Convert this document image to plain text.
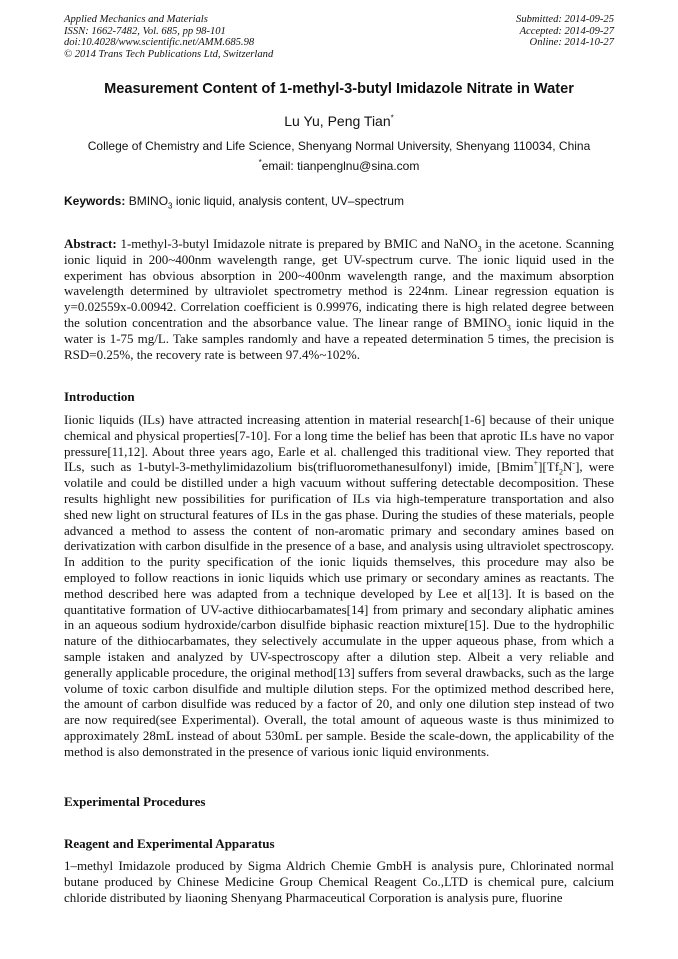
Applied Mechanics and Materials
ISSN: 1662-7482, Vol. 685, pp 98-101
doi:10.4028/www.scientific.net/AMM.685.98
© 2014 Trans Tech Publications Ltd, Switzerland
Submitted: 2014-09-25
Accepted: 2014-09-27
Online: 2014-10-27
Measurement Content of 1-methyl-3-butyl Imidazole Nitrate in Water
Lu Yu, Peng Tian*
College of Chemistry and Life Science, Shenyang Normal University, Shenyang 110034, China
*email: tianpenglnu@sina.com
Keywords: $BMINO_3$ ionic liquid, analysis content, UV–spectrum
Abstract: 1-methyl-3-butyl Imidazole nitrate is prepared by BMIC and NaNO$_3$ in the acetone. Scanning ionic liquid in 200~400nm wavelength range, get UV-spectrum curve. The ionic liquid used in the experiment has obvious absorption in 200~400nm wavelength range, and the maximum absorption wavelength determined by ultraviolet spectrometry method is 224nm. Linear regression equation is y=0.02559x-0.00942. Correlation coefficient is 0.99976, indicating there is high related degree between the solution concentration and the absorbance value. The linear range of $BMINO_3$ ionic liquid in the water is 1-75 mg/L. Take samples randomly and have a repeated determination 5 times, the precision is RSD=0.25%, the recovery rate is between 97.4%~102%.
Introduction
Iionic liquids (ILs) have attracted increasing attention in material research[1-6] because of their unique chemical and physical properties[7-10]. For a long time the belief has been that aprotic ILs have no vapor pressure[11,12]. About three years ago, Earle et al. challenged this traditional view. They reported that ILs, such as 1-butyl-3-methylimidazolium bis(trifluoromethanesulfonyl) imide, $[Bmim^+][Tf_2N^-]$, were volatile and could be distilled under a high vacuum without suffering detectable decomposition. These results highlight new possibilities for purification of ILs via high-temperature transportation and also shed new light on structural features of ILs in the gas phase. During the studies of these materials, people advanced a method to assess the content of non-aromatic primary and secondary amines based on derivatization with carbon disulfide in the presence of a base, and analysis using ultraviolet spectroscopy. In addition to the purity specification of the ionic liquids themselves, this procedure may also be employed to follow reactions in ionic liquids which use primary or secondary amines as reactants. The method described here was adapted from a technique developed by Lee et al[13]. It is based on the quantitative formation of UV-active dithiocarbamates[14] from primary and secondary aliphatic amines in an aqueous sodium hydroxide/carbon disulfide biphasic reaction mixture[15]. Due to the hydrophilic nature of the dithiocarbamates, they selectively accumulate in the upper aqueous phase, from which a sample istaken and analyzed by UV-spectroscopy after a dilution step. Albeit a very reliable and generally applicable procedure, the original method[13] suffers from several drawbacks, such as the large volume of toxic carbon disulfide and multiple dilution steps. For the optimized method described here, the amount of carbon disulfide was reduced by a factor of 20, and only one dilution step instead of two are now required(see Experimental). Overall, the total amount of aqueous waste is thus minimized to approximately 28mL instead of about 530mL per sample. Beside the scale-down, the applicability of the method is also demonstrated in the presence of various ionic liquid environments.
Experimental Procedures
Reagent and Experimental Apparatus
1–methyl Imidazole produced by Sigma Aldrich Chemie GmbH is analysis pure, Chlorinated normal butane produced by Chinese Medicine Group Chemical Reagent Co.,LTD is chemical pure, calcium chloride distributed by liaoning Shenyang Pharmaceutical Corporation is analysis pure, fluorine
